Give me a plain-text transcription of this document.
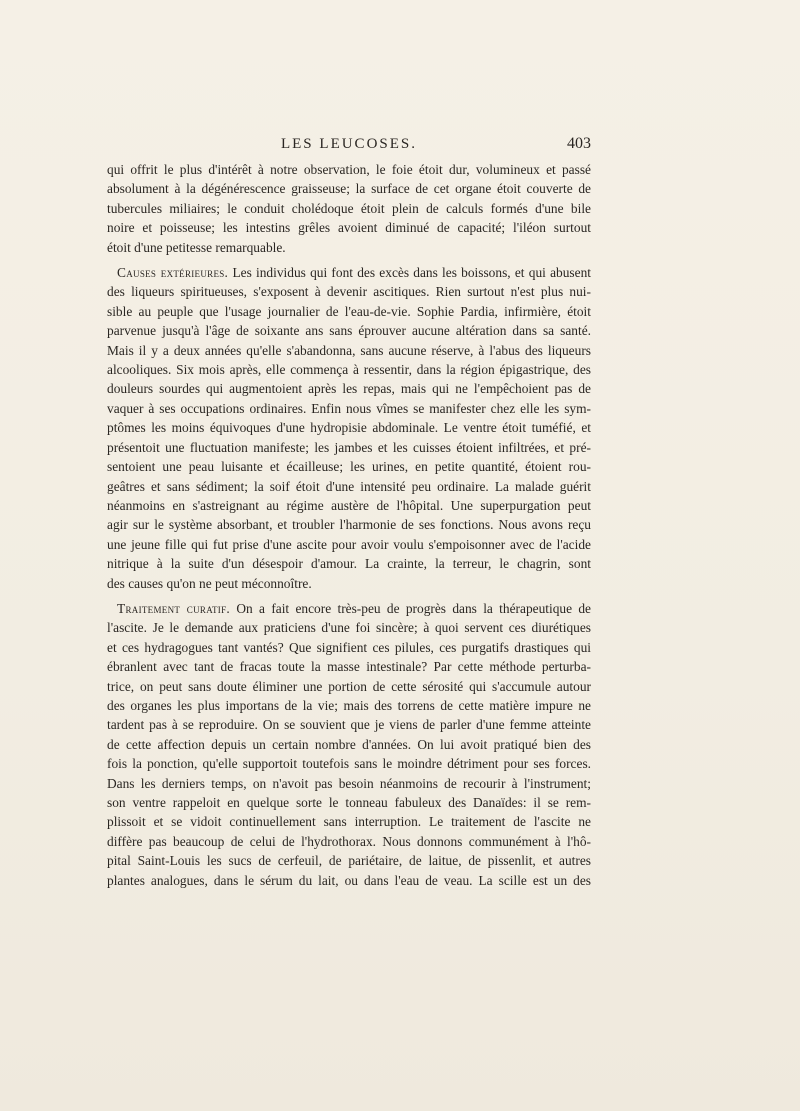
LES LEUCOSES.	403
qui offrit le plus d'intérêt à notre observation, le foie étoit dur, volumineux et passé
absolument à la dégénérescence graisseuse; la surface de cet organe étoit couverte de
tubercules miliaires; le conduit cholédoque étoit plein de calculs formés d'une bile
noire et poisseuse; les intestins grêles avoient diminué de capacité; l'iléon surtout
étoit d'une petitesse remarquable.
Causes extérieures. Les individus qui font des excès dans les boissons, et qui abusent
des liqueurs spiritueuses, s'exposent à devenir ascitiques. Rien surtout n'est plus nui-
sible au peuple que l'usage journalier de l'eau-de-vie. Sophie Pardia, infirmière, étoit
parvenue jusqu'à l'âge de soixante ans sans éprouver aucune altération dans sa santé.
Mais il y a deux années qu'elle s'abandonna, sans aucune réserve, à l'abus des liqueurs
alcooliques. Six mois après, elle commença à ressentir, dans la région épigastrique, des
douleurs sourdes qui augmentoient après les repas, mais qui ne l'empêchoient pas de
vaquer à ses occupations ordinaires. Enfin nous vîmes se manifester chez elle les sym-
ptômes les moins équivoques d'une hydropisie abdominale. Le ventre étoit tuméfié, et
présentoit une fluctuation manifeste; les jambes et les cuisses étoient infiltrées, et pré-
sentoient une peau luisante et écailleuse; les urines, en petite quantité, étoient rou-
geâtres et sans sédiment; la soif étoit d'une intensité peu ordinaire. La malade guérit
néanmoins en s'astreignant au régime austère de l'hôpital. Une superpurgation peut
agir sur le système absorbant, et troubler l'harmonie de ses fonctions. Nous avons reçu
une jeune fille qui fut prise d'une ascite pour avoir voulu s'empoisonner avec de l'acide
nitrique à la suite d'un désespoir d'amour. La crainte, la terreur, le chagrin, sont
des causes qu'on ne peut méconnoître.
Traitement curatif. On a fait encore très-peu de progrès dans la thérapeutique de
l'ascite. Je le demande aux praticiens d'une foi sincère; à quoi servent ces diurétiques
et ces hydragogues tant vantés? Que signifient ces pilules, ces purgatifs drastiques qui
ébranlent avec tant de fracas toute la masse intestinale? Par cette méthode perturba-
trice, on peut sans doute éliminer une portion de cette sérosité qui s'accumule autour
des organes les plus importans de la vie; mais des torrens de cette matière impure ne
tardent pas à se reproduire. On se souvient que je viens de parler d'une femme atteinte
de cette affection depuis un certain nombre d'années. On lui avoit pratiqué bien des
fois la ponction, qu'elle supportoit toutefois sans le moindre détriment pour ses forces.
Dans les derniers temps, on n'avoit pas besoin néanmoins de recourir à l'instrument;
son ventre rappeloit en quelque sorte le tonneau fabuleux des Danaïdes: il se rem-
plissoit et se vidoit continuellement sans interruption. Le traitement de l'ascite ne
diffère pas beaucoup de celui de l'hydrothorax. Nous donnons communément à l'hô-
pital Saint-Louis les sucs de cerfeuil, de pariétaire, de laitue, de pissenlit, et autres
plantes analogues, dans le sérum du lait, ou dans l'eau de veau. La scille est un des
